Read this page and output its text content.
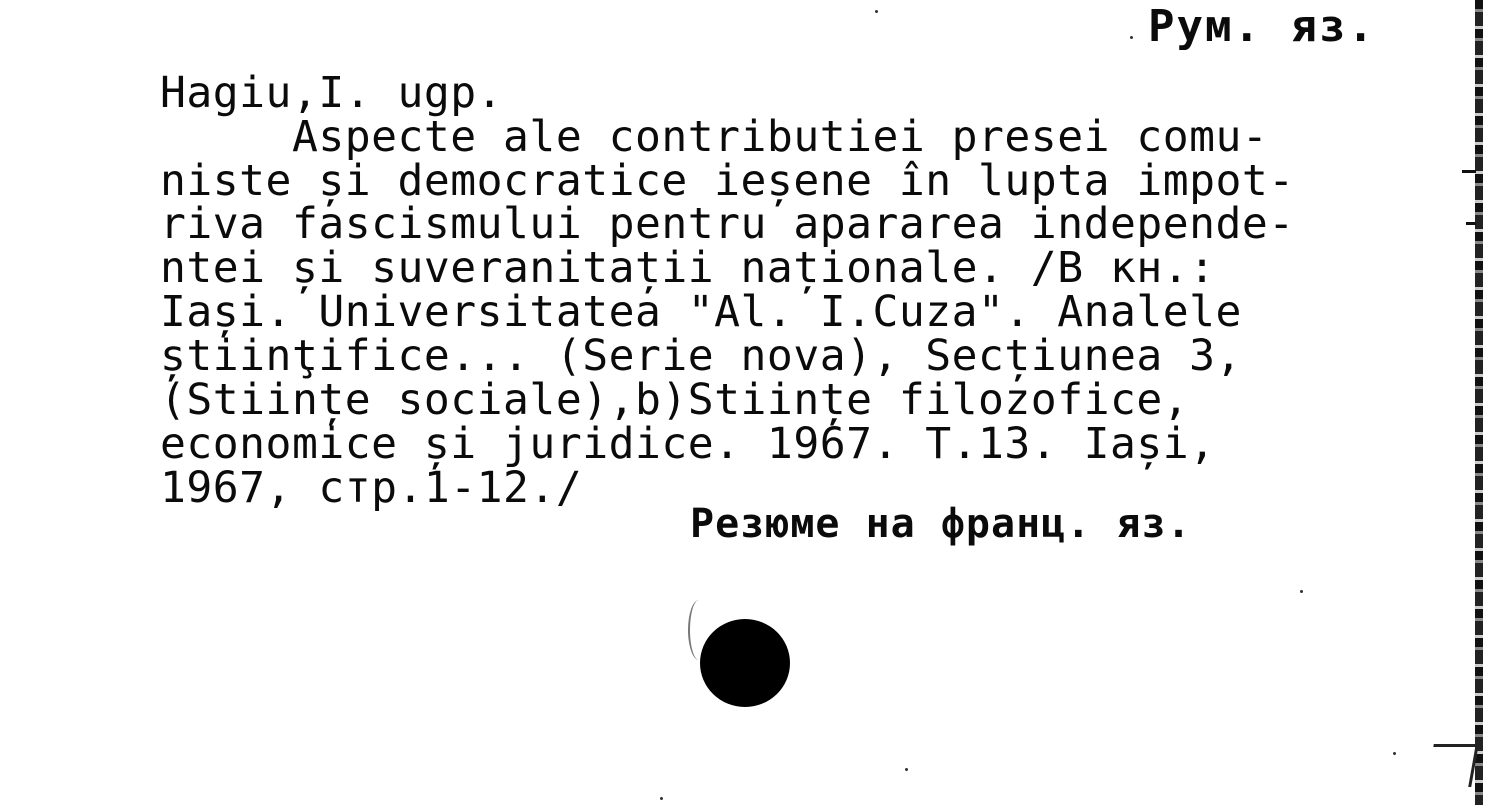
Рум. яз.
Hagiu,I. ugp.
Aspecte ale contributiei presei comu-
niste și democratice ieșene în lupta impot-
riva fascismului pentru apararea independe-
ntei și suveranitații naționale. /В кн.:
Iași. Universitatea "Al. I.Cuza". Analele
știinţifice... (Serie nova), Secțiunea 3,
(Stiințe sociale),b)Stiințe filozofice,
economice și juridice. 1967. T.13. Iași,
1967, стр.1-12./
Резюме на франц. яз.
